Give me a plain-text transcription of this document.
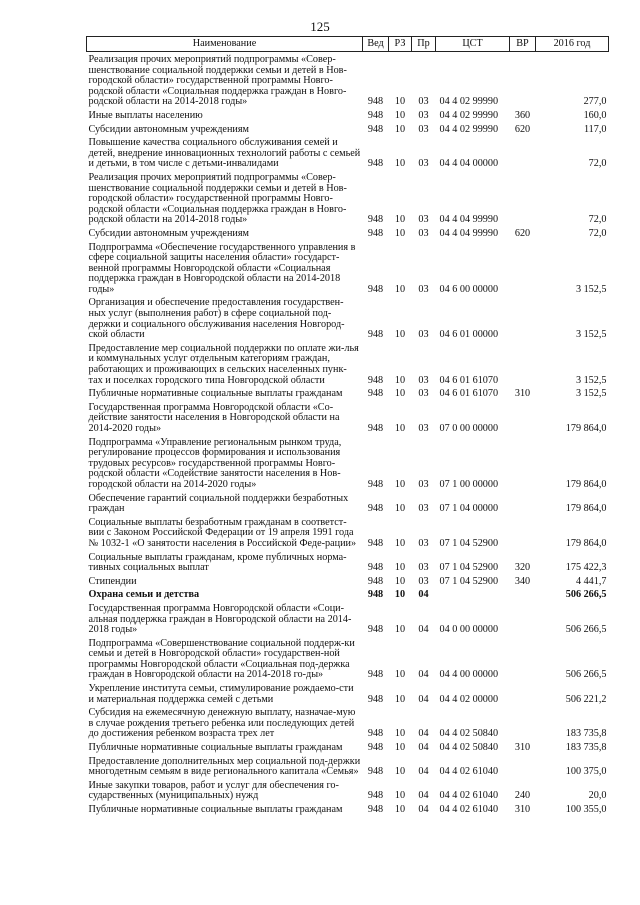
125
Наименование	Вед	РЗ	Пр	ЦСТ	ВР	2016 год
Реализация прочих мероприятий подпрограммы «Совер-шенствование социальной поддержки семьи и детей в Нов-городской области» государственной программы Новго-родской области «Социальная поддержка граждан в Новго-родской области на 2014-2018 годы»	948	10	03	04 4 02 99990		277,0
Иные выплаты населению	948	10	03	04 4 02 99990	360	160,0
Субсидии автономным учреждениям	948	10	03	04 4 02 99990	620	117,0
Повышение качества социального обслуживания семей и детей, внедрение инновационных технологий работы с семьей и детьми, в том числе с детьми-инвалидами	948	10	03	04 4 04 00000		72,0
Реализация прочих мероприятий подпрограммы «Совер-шенствование социальной поддержки семьи и детей в Нов-городской области» государственной программы Новго-родской области «Социальная поддержка граждан в Новго-родской области на 2014-2018 годы»	948	10	03	04 4 04 99990		72,0
Субсидии автономным учреждениям	948	10	03	04 4 04 99990	620	72,0
Подпрограмма «Обеспечение государственного управления в сфере социальной защиты населения области» государст-венной программы Новгородской области «Социальная поддержка граждан в Новгородской области на 2014-2018 годы»	948	10	03	04 6 00 00000		3 152,5
Организация и обеспечение предоставления государствен-ных услуг (выполнения работ) в сфере социальной под-держки и социального обслуживания населения Новгород-ской области	948	10	03	04 6 01 00000		3 152,5
Предоставление мер социальной поддержки по оплате жи-лья и коммунальных услуг отдельным категориям граждан, работающих и проживающих в сельских населенных пунк-тах и поселках городского типа Новгородской области	948	10	03	04 6 01 61070		3 152,5
Публичные нормативные социальные выплаты гражданам	948	10	03	04 6 01 61070	310	3 152,5
Государственная программа Новгородской области «Со-действие занятости населения в Новгородской области на 2014-2020 годы»	948	10	03	07 0 00 00000		179 864,0
Подпрограмма «Управление региональным рынком труда, регулирование процессов формирования и использования трудовых ресурсов» государственной программы Новго-родской области «Содействие занятости населения в Нов-городской области на 2014-2020 годы»	948	10	03	07 1 00 00000		179 864,0
Обеспечение гарантий социальной поддержки безработных граждан	948	10	03	07 1 04 00000		179 864,0
Социальные выплаты безработным гражданам в соответст-вии с Законом Российской Федерации от 19 апреля 1991 года № 1032-1 «О занятости населения в Российской Феде-рации»	948	10	03	07 1 04 52900		179 864,0
Социальные выплаты гражданам, кроме публичных норма-тивных социальных выплат	948	10	03	07 1 04 52900	320	175 422,3
Стипендии	948	10	03	07 1 04 52900	340	4 441,7
Охрана семьи и детства	948	10	04			506 266,5
Государственная программа Новгородской области «Соци-альная поддержка граждан в Новгородской области на 2014-2018 годы»	948	10	04	04 0 00 00000		506 266,5
Подпрограмма «Совершенствование социальной поддерж-ки семьи и детей в Новгородской области» государствен-ной программы Новгородской области «Социальная под-держка граждан в Новгородской области на 2014-2018 го-ды»	948	10	04	04 4 00 00000		506 266,5
Укрепление института семьи, стимулирование рождаемо-сти и материальная поддержка семей с детьми	948	10	04	04 4 02 00000		506 221,2
Субсидия на ежемесячную денежную выплату, назначае-мую в случае рождения третьего ребенка или последующих детей до достижения ребенком возраста трех лет	948	10	04	04 4 02 50840		183 735,8
Публичные нормативные социальные выплаты гражданам	948	10	04	04 4 02 50840	310	183 735,8
Предоставление дополнительных мер социальной под-держки многодетным семьям в виде регионального капитала «Семья»	948	10	04	04 4 02 61040		100 375,0
Иные закупки товаров, работ и услуг для обеспечения го-сударственных (муниципальных) нужд	948	10	04	04 4 02 61040	240	20,0
Публичные нормативные социальные выплаты гражданам	948	10	04	04 4 02 61040	310	100 355,0
